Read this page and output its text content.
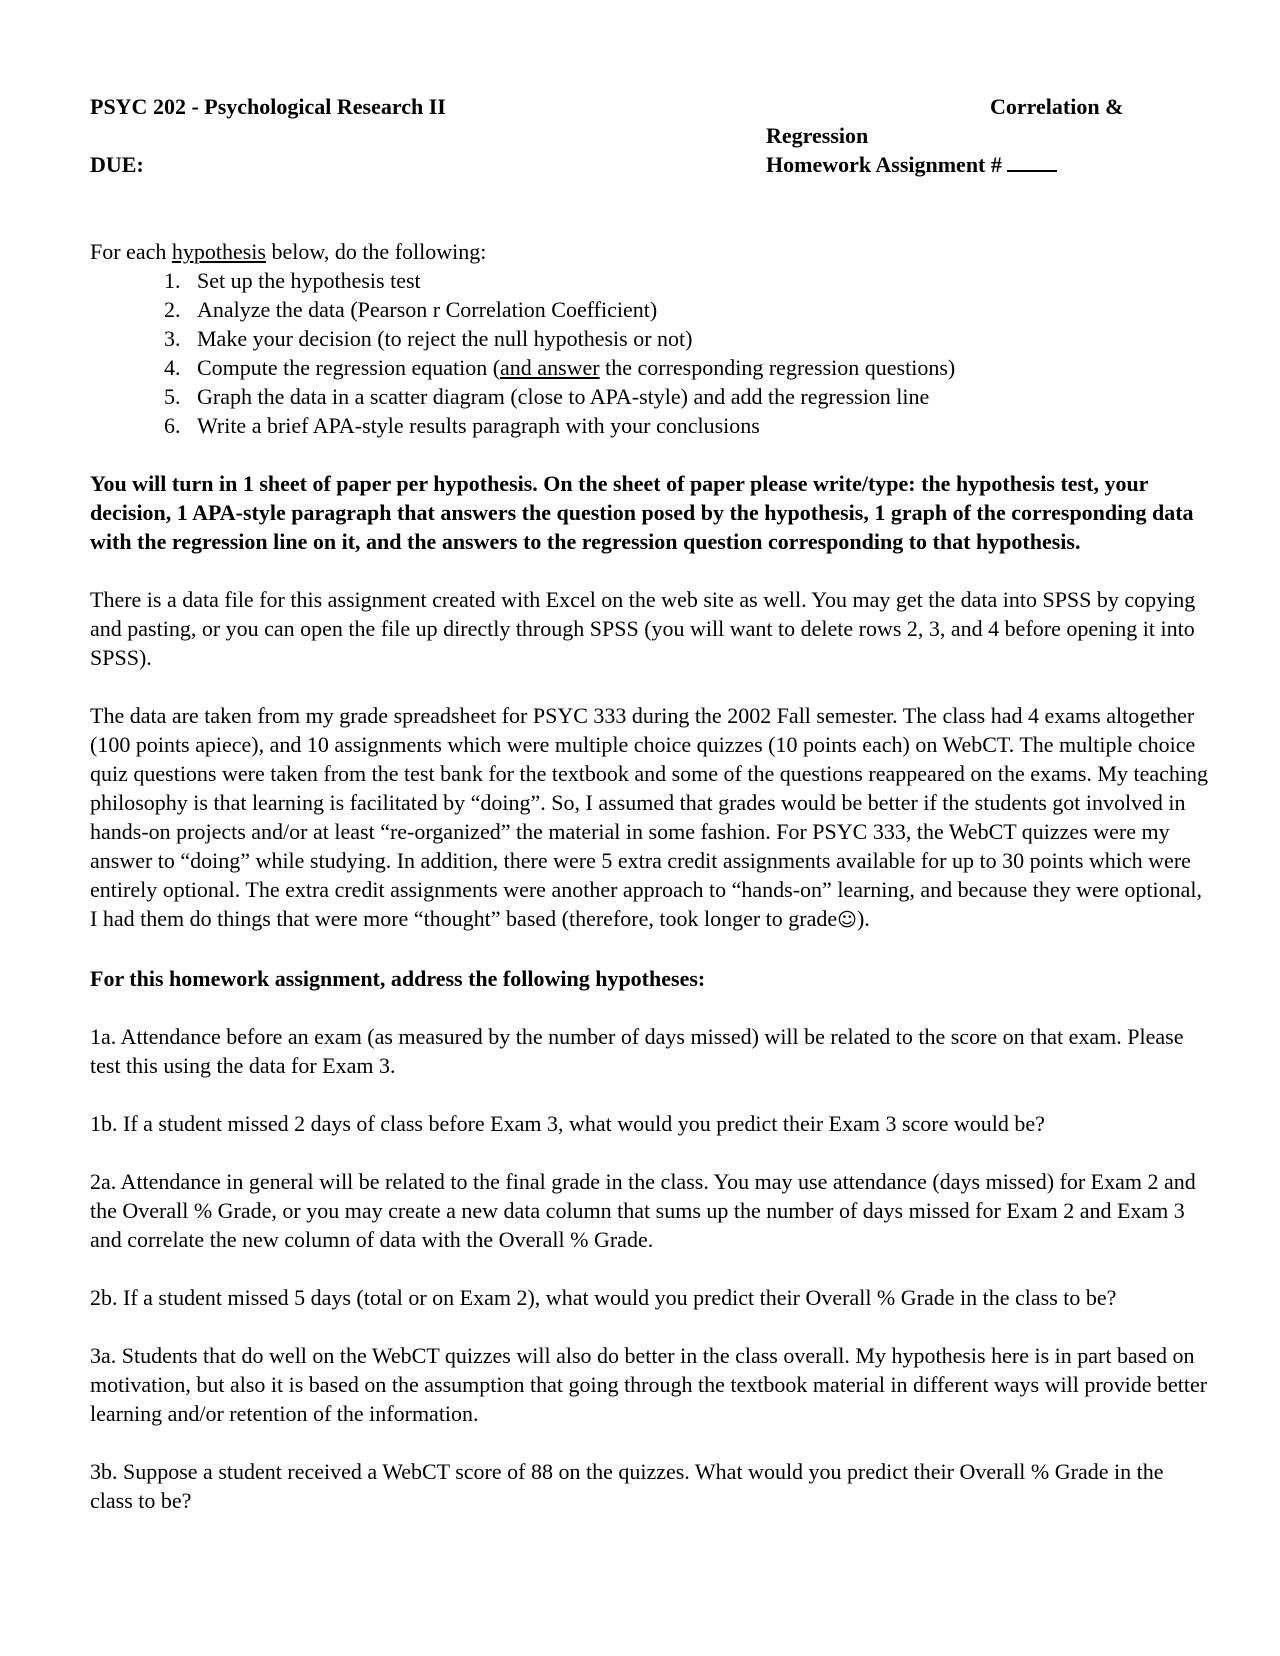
PSYC 202 - Psychological Research II	Correlation &
Regression
DUE:	Homework Assignment #

For each hypothesis below, do the following:

1. Set up the hypothesis test
2. Analyze the data (Pearson r Correlation Coefficient)
3. Make your decision (to reject the null hypothesis or not)
4. Compute the regression equation (and answer the corresponding regression questions)
5. Graph the data in a scatter diagram (close to APA-style) and add the regression line
6. Write a brief APA-style results paragraph with your conclusions

You will turn in 1 sheet of paper per hypothesis. On the sheet of paper please write/type: the hypothesis test, your decision, 1 APA-style paragraph that answers the question posed by the hypothesis, 1 graph of the corresponding data with the regression line on it, and the answers to the regression question corresponding to that hypothesis.

There is a data file for this assignment created with Excel on the web site as well. You may get the data into SPSS by copying and pasting, or you can open the file up directly through SPSS (you will want to delete rows 2, 3, and 4 before opening it into SPSS).

The data are taken from my grade spreadsheet for PSYC 333 during the 2002 Fall semester. The class had 4 exams altogether (100 points apiece), and 10 assignments which were multiple choice quizzes (10 points each) on WebCT. The multiple choice quiz questions were taken from the test bank for the textbook and some of the questions reappeared on the exams. My teaching philosophy is that learning is facilitated by “doing”. So, I assumed that grades would be better if the students got involved in hands-on projects and/or at least “re-organized” the material in some fashion. For PSYC 333, the WebCT quizzes were my answer to “doing” while studying. In addition, there were 5 extra credit assignments available for up to 30 points which were entirely optional. The extra credit assignments were another approach to “hands-on” learning, and because they were optional, I had them do things that were more “thought” based (therefore, took longer to grade☺).

For this homework assignment, address the following hypotheses:

1a. Attendance before an exam (as measured by the number of days missed) will be related to the score on that exam. Please test this using the data for Exam 3.

1b. If a student missed 2 days of class before Exam 3, what would you predict their Exam 3 score would be?

2a. Attendance in general will be related to the final grade in the class. You may use attendance (days missed) for Exam 2 and the Overall % Grade, or you may create a new data column that sums up the number of days missed for Exam 2 and Exam 3 and correlate the new column of data with the Overall % Grade.

2b. If a student missed 5 days (total or on Exam 2), what would you predict their Overall % Grade in the class to be?

3a. Students that do well on the WebCT quizzes will also do better in the class overall. My hypothesis here is in part based on motivation, but also it is based on the assumption that going through the textbook material in different ways will provide better learning and/or retention of the information.

3b. Suppose a student received a WebCT score of 88 on the quizzes. What would you predict their Overall % Grade in the class to be?
